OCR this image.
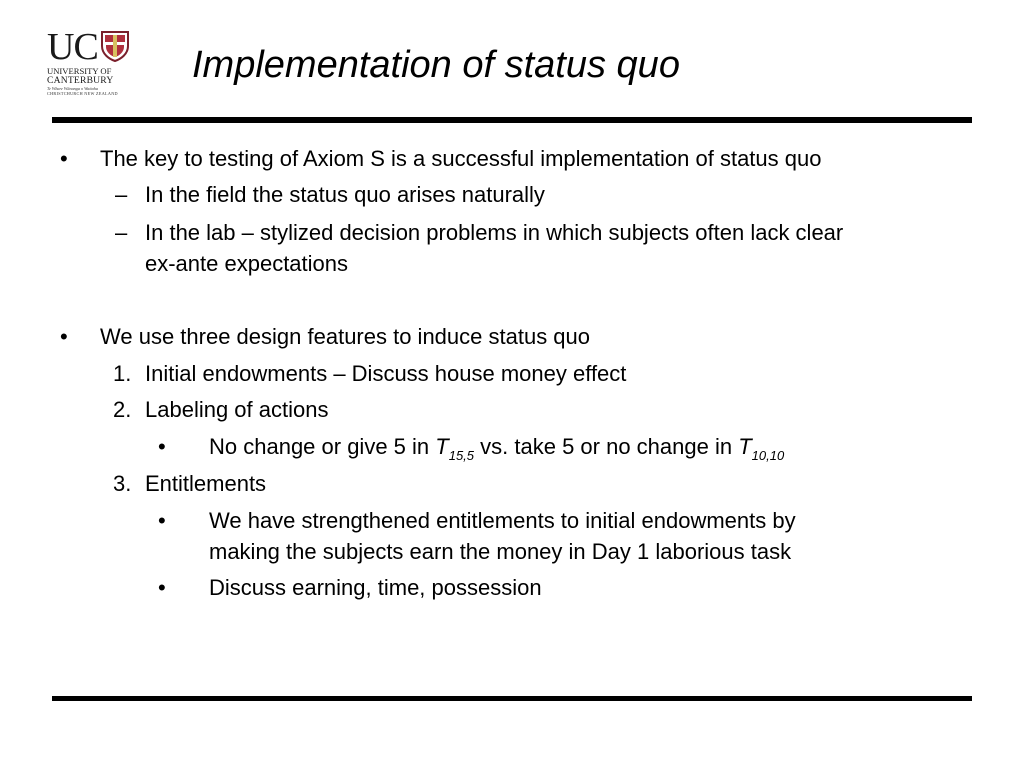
UC
UNIVERSITY OF
CANTERBURY
Te Whare Wānanga o Waitaha
CHRISTCHURCH NEW ZEALAND
Implementation of status quo
• The key to testing of Axiom S is a successful implementation of status quo
– In the field the status quo arises naturally
– In the lab – stylized decision problems in which subjects often lack clear
ex-ante expectations
• We use three design features to induce status quo
1. Initial endowments – Discuss house money effect
2. Labeling of actions
• No change or give 5 in $T_{15,5}$ vs. take 5 or no change in $T_{10,10}$
3. Entitlements
• We have strengthened entitlements to initial endowments by
making the subjects earn the money in Day 1 laborious task
• Discuss earning, time, possession
